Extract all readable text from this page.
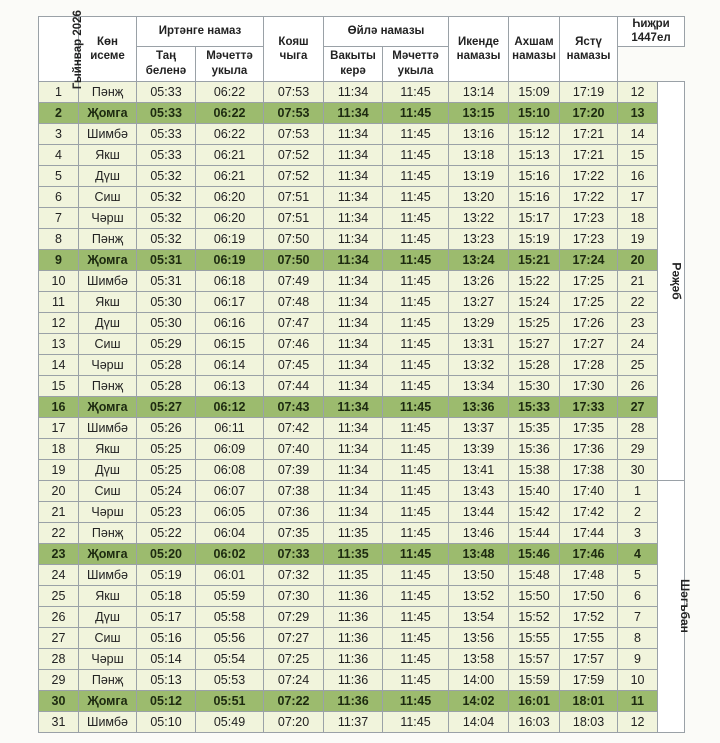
Гыйнвар 2026	Көн исеме	Иртәнге намаз		Кояш чыга	Өйлә намазы		Икенде намазы	Ахшам намазы	Ястү намазы	Һиҗри 1447ел	
		Таң беленә	Мәчеттә укыла		Вакыты керә	Мәчеттә укыла					
1	Пәнҗ	05:33	06:22	07:53	11:34	11:45	13:14	15:09	17:19	12	Рәҗәб
2	Җомга	05:33	06:22	07:53	11:34	11:45	13:15	15:10	17:20	13	
3	Шимбә	05:33	06:22	07:53	11:34	11:45	13:16	15:12	17:21	14	
4	Якш	05:33	06:21	07:52	11:34	11:45	13:18	15:13	17:21	15	
5	Дүш	05:32	06:21	07:52	11:34	11:45	13:19	15:16	17:22	16	
6	Сиш	05:32	06:20	07:51	11:34	11:45	13:20	15:16	17:22	17	
7	Чәрш	05:32	06:20	07:51	11:34	11:45	13:22	15:17	17:23	18	
8	Пәнҗ	05:32	06:19	07:50	11:34	11:45	13:23	15:19	17:23	19	
9	Җомга	05:31	06:19	07:50	11:34	11:45	13:24	15:21	17:24	20	
10	Шимбә	05:31	06:18	07:49	11:34	11:45	13:26	15:22	17:25	21	
11	Якш	05:30	06:17	07:48	11:34	11:45	13:27	15:24	17:25	22	
12	Дүш	05:30	06:16	07:47	11:34	11:45	13:29	15:25	17:26	23	
13	Сиш	05:29	06:15	07:46	11:34	11:45	13:31	15:27	17:27	24	
14	Чәрш	05:28	06:14	07:45	11:34	11:45	13:32	15:28	17:28	25	
15	Пәнҗ	05:28	06:13	07:44	11:34	11:45	13:34	15:30	17:30	26	
16	Җомга	05:27	06:12	07:43	11:34	11:45	13:36	15:33	17:33	27	
17	Шимбә	05:26	06:11	07:42	11:34	11:45	13:37	15:35	17:35	28	
18	Якш	05:25	06:09	07:40	11:34	11:45	13:39	15:36	17:36	29	
19	Дүш	05:25	06:08	07:39	11:34	11:45	13:41	15:38	17:38	30	
20	Сиш	05:24	06:07	07:38	11:34	11:45	13:43	15:40	17:40	1	Шәгъбан
21	Чәрш	05:23	06:05	07:36	11:34	11:45	13:44	15:42	17:42	2	
22	Пәнҗ	05:22	06:04	07:35	11:35	11:45	13:46	15:44	17:44	3	
23	Җомга	05:20	06:02	07:33	11:35	11:45	13:48	15:46	17:46	4	
24	Шимбә	05:19	06:01	07:32	11:35	11:45	13:50	15:48	17:48	5	
25	Якш	05:18	05:59	07:30	11:36	11:45	13:52	15:50	17:50	6	
26	Дүш	05:17	05:58	07:29	11:36	11:45	13:54	15:52	17:52	7	
27	Сиш	05:16	05:56	07:27	11:36	11:45	13:56	15:55	17:55	8	
28	Чәрш	05:14	05:54	07:25	11:36	11:45	13:58	15:57	17:57	9	
29	Пәнҗ	05:13	05:53	07:24	11:36	11:45	14:00	15:59	17:59	10	
30	Җомга	05:12	05:51	07:22	11:36	11:45	14:02	16:01	18:01	11	
31	Шимбә	05:10	05:49	07:20	11:37	11:45	14:04	16:03	18:03	12	
